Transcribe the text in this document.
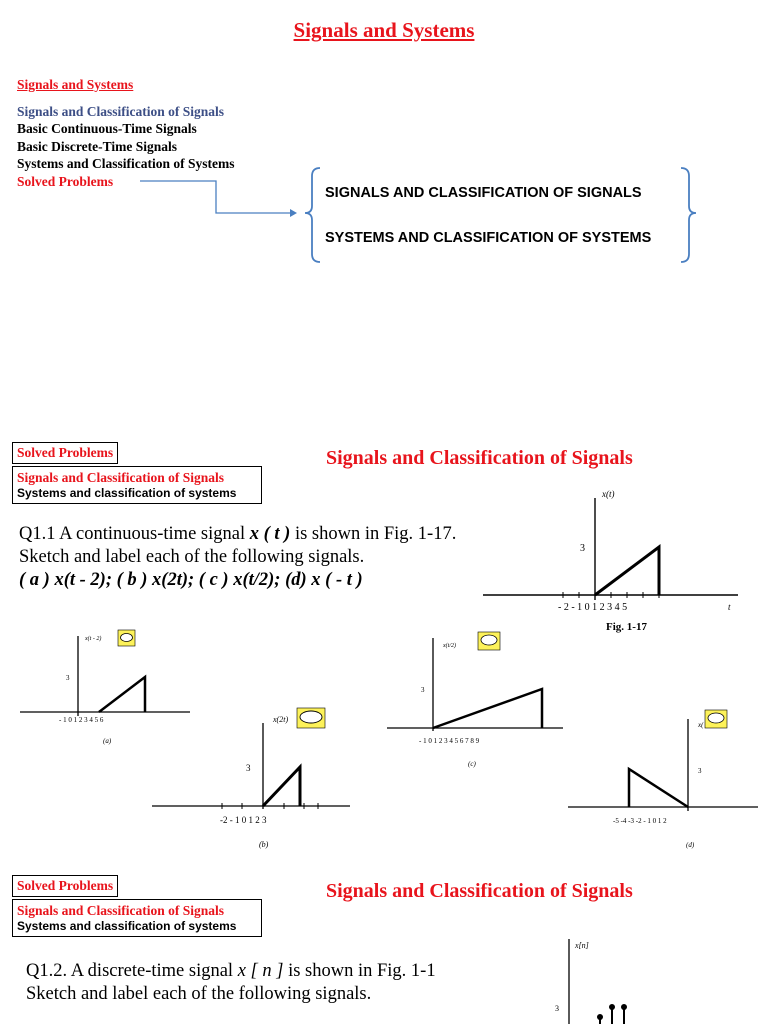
Signals and Systems
Signals and Systems
Signals and Classification of Signals
Basic Continuous-Time Signals
Basic Discrete-Time Signals
Systems and Classification of Systems
Solved Problems
SIGNALS AND CLASSIFICATION OF SIGNALS
SYSTEMS AND CLASSIFICATION OF SYSTEMS
Solved Problems
Signals and Classification of Signals
Systems and classification of systems
Signals and Classification of Signals
Q1.1 A continuous-time signal x ( t ) is shown in Fig. 1-17. Sketch and label each of the following signals.
( a ) x(t - 2); ( b ) x(2t); ( c ) x(t/2); (d) x ( - t )
x(t)
3
- 2 - 1 0 1 2 3 4 5	t
Fig. 1-17
x(t - 2)
3
- 1 0 1 2 3 4 5 6
(a)
x(2t)
3
-2 - 1 0 1 2 3
(b)
x(t/2)
3
- 1 0 1 2 3 4 5 6 7 8 9
(c)
x(
3
-5 -4 -3 -2 - 1 0 1 2
(d)
Solved Problems
Signals and Classification of Signals
Systems and classification of systems
Signals and Classification of Signals
Q1.2. A discrete-time signal x [ n ] is shown in Fig. 1-1
Sketch and label each of the following signals.
x[n]
3
